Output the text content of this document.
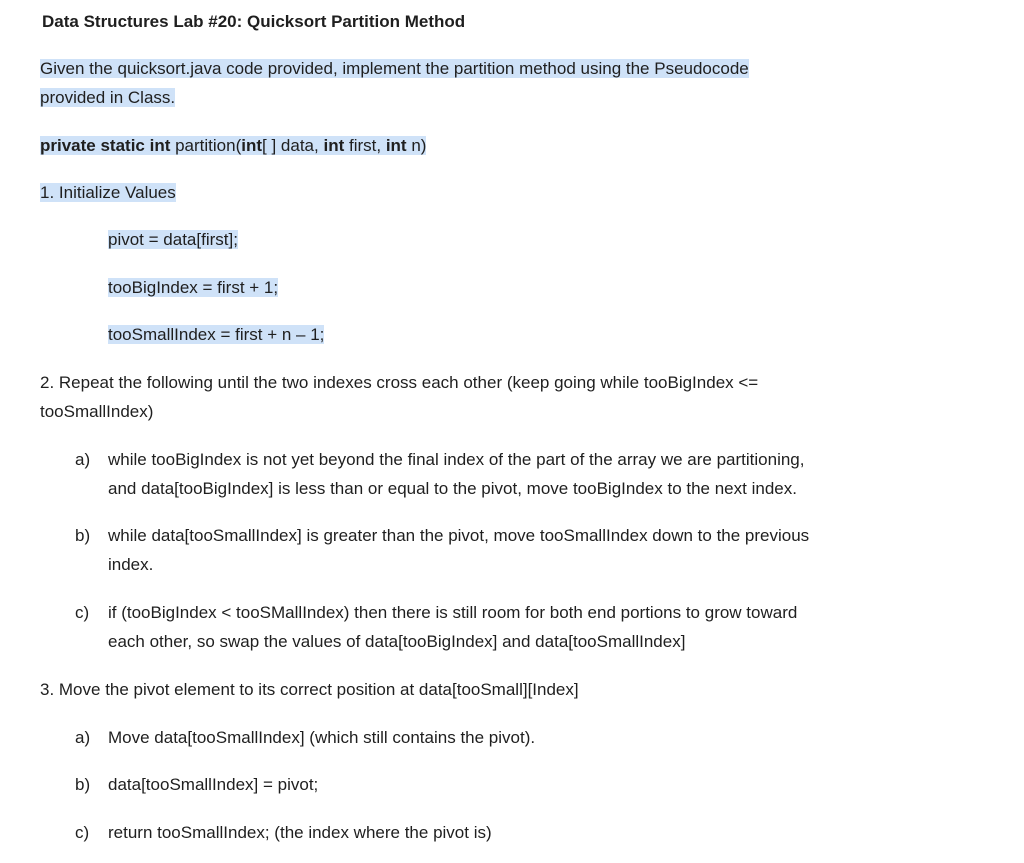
Data Structures Lab #20: Quicksort Partition Method
Given the quicksort.java code provided, implement the partition method using the Pseudocode
provided in Class.
private static int partition(int[ ] data, int first, int n)
1. Initialize Values
pivot = data[first];
tooBigIndex = first + 1;
tooSmallIndex = first + n – 1;
2. Repeat the following until the two indexes cross each other (keep going while tooBigIndex <=
tooSmallIndex)
a) while tooBigIndex is not yet beyond the final index of the part of the array we are partitioning,
and data[tooBigIndex] is less than or equal to the pivot, move tooBigIndex to the next index.
b) while data[tooSmallIndex] is greater than the pivot, move tooSmallIndex down to the previous
index.
c) if (tooBigIndex < tooSMallIndex) then there is still room for both end portions to grow toward
each other, so swap the values of data[tooBigIndex] and data[tooSmallIndex]
3. Move the pivot element to its correct position at data[tooSmall][Index]
a) Move data[tooSmallIndex] (which still contains the pivot).
b) data[tooSmallIndex] = pivot;
c) return tooSmallIndex; (the index where the pivot is)
